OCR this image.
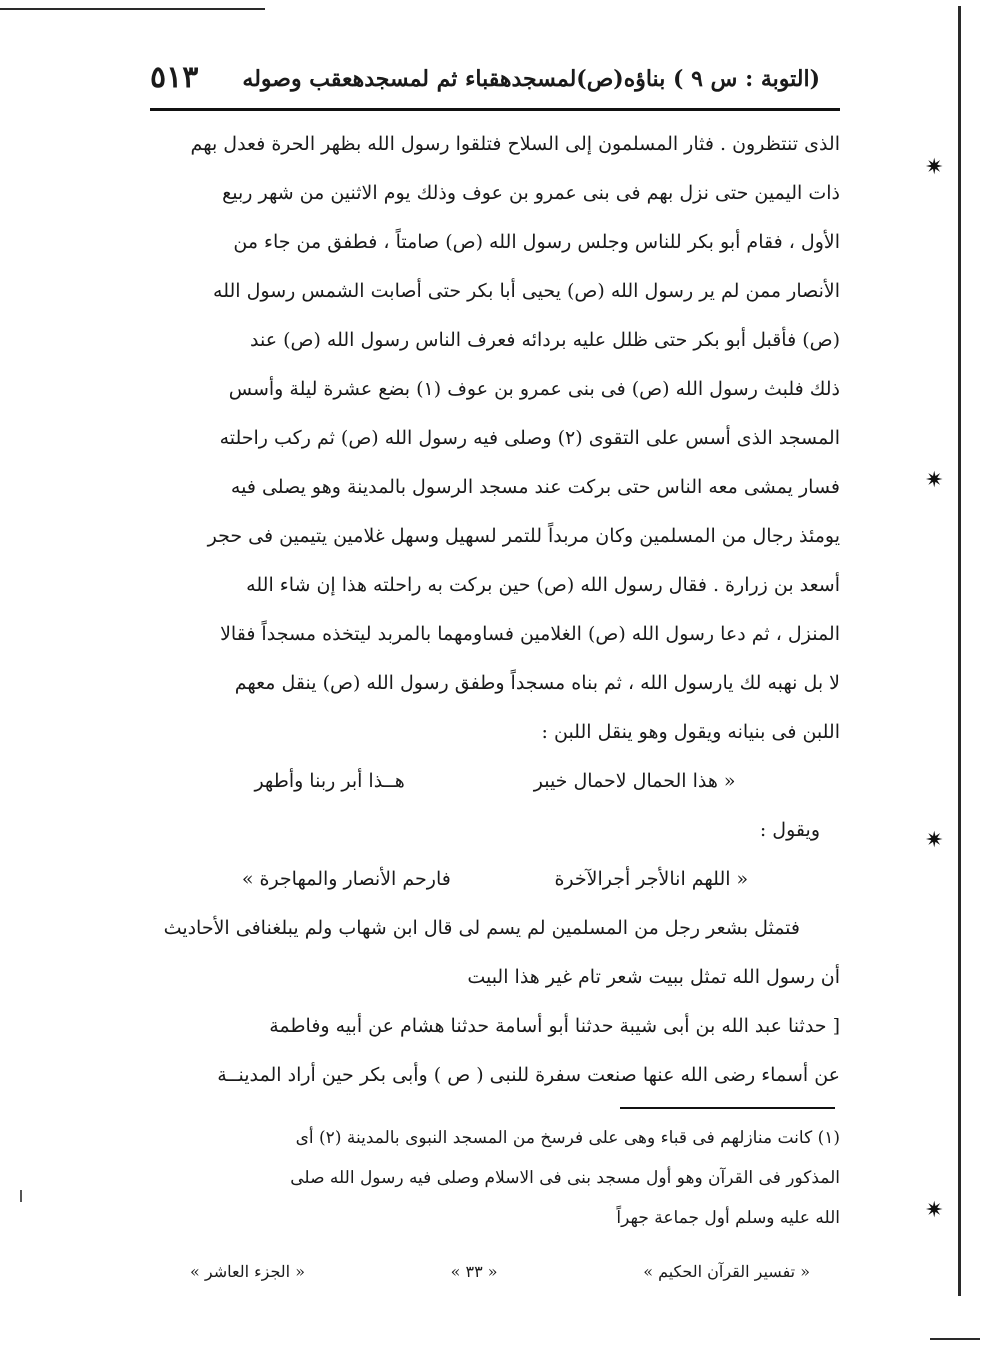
(التوبة : س ٩ ) بناؤه(ص)لمسجدهقباء ثم لمسجدهعقب وصوله
٥١٣
الذى تنتظرون . فثار المسلمون إلى السلاح فتلقوا رسول الله بظهر الحرة فعدل بهم
ذات اليمين حتى نزل بهم فى بنى عمرو بن عوف وذلك يوم الاثنين من شهر ربيع
الأول ، فقام أبو بكر للناس وجلس رسول الله (ص) صامتاً ، فطفق من جاء من
الأنصار ممن لم ير رسول الله (ص) يحيى أبا بكر حتى أصابت الشمس رسول الله
(ص) فأقبل أبو بكر حتى ظلل عليه بردائه فعرف الناس رسول الله (ص) عند
ذلك فلبث رسول الله (ص) فى بنى عمرو بن عوف (١) بضع عشرة ليلة وأسس
المسجد الذى أسس على التقوى (٢) وصلى فيه رسول الله (ص) ثم ركب راحلته
فسار يمشى معه الناس حتى بركت عند مسجد الرسول بالمدينة وهو يصلى فيه
يومئذ رجال من المسلمين وكان مربداً للتمر لسهيل وسهل غلامين يتيمين فى حجر
أسعد بن زرارة . فقال رسول الله (ص) حين بركت به راحلته هذا إن شاء الله
المنزل ، ثم دعا رسول الله (ص) الغلامين فساومهما بالمربد ليتخذه مسجداً فقالا
لا بل نهبه لك يارسول الله ، ثم بناه مسجداً وطفق رسول الله (ص) ينقل معهم
اللبن فى بنيانه ويقول وهو ينقل اللبن :
« هذا الحمال لاحمال خيبر
هــذا أبر ربنا وأطهر
ويقول :
« اللهم انالأجر أجرالآخرة
فارحم الأنصار والمهاجرة »
فتمثل بشعر رجل من المسلمين لم يسم لى قال ابن شهاب ولم يبلغنافى الأحاديث
أن رسول الله تمثل ببيت شعر تام غير هذا البيت
[ حدثنا عبد الله بن أبى شيبة حدثنا أبو أسامة حدثنا هشام عن أبيه وفاطمة
عن أسماء رضى الله عنها صنعت سفرة للنبى ( ص ) وأبى بكر حين أراد المدينــة
(١) كانت منازلهم فى قباء وهى على فرسخ من المسجد النبوى بالمدينة (٢) أى
المذكور فى القرآن وهو أول مسجد بنى فى الاسلام وصلى فيه رسول الله صلى
الله عليه وسلم أول جماعة جهراً
« تفسير القرآن الحكيم »
« ٣٣ »
« الجزء العاشر »
✷
✷
✷
✷
